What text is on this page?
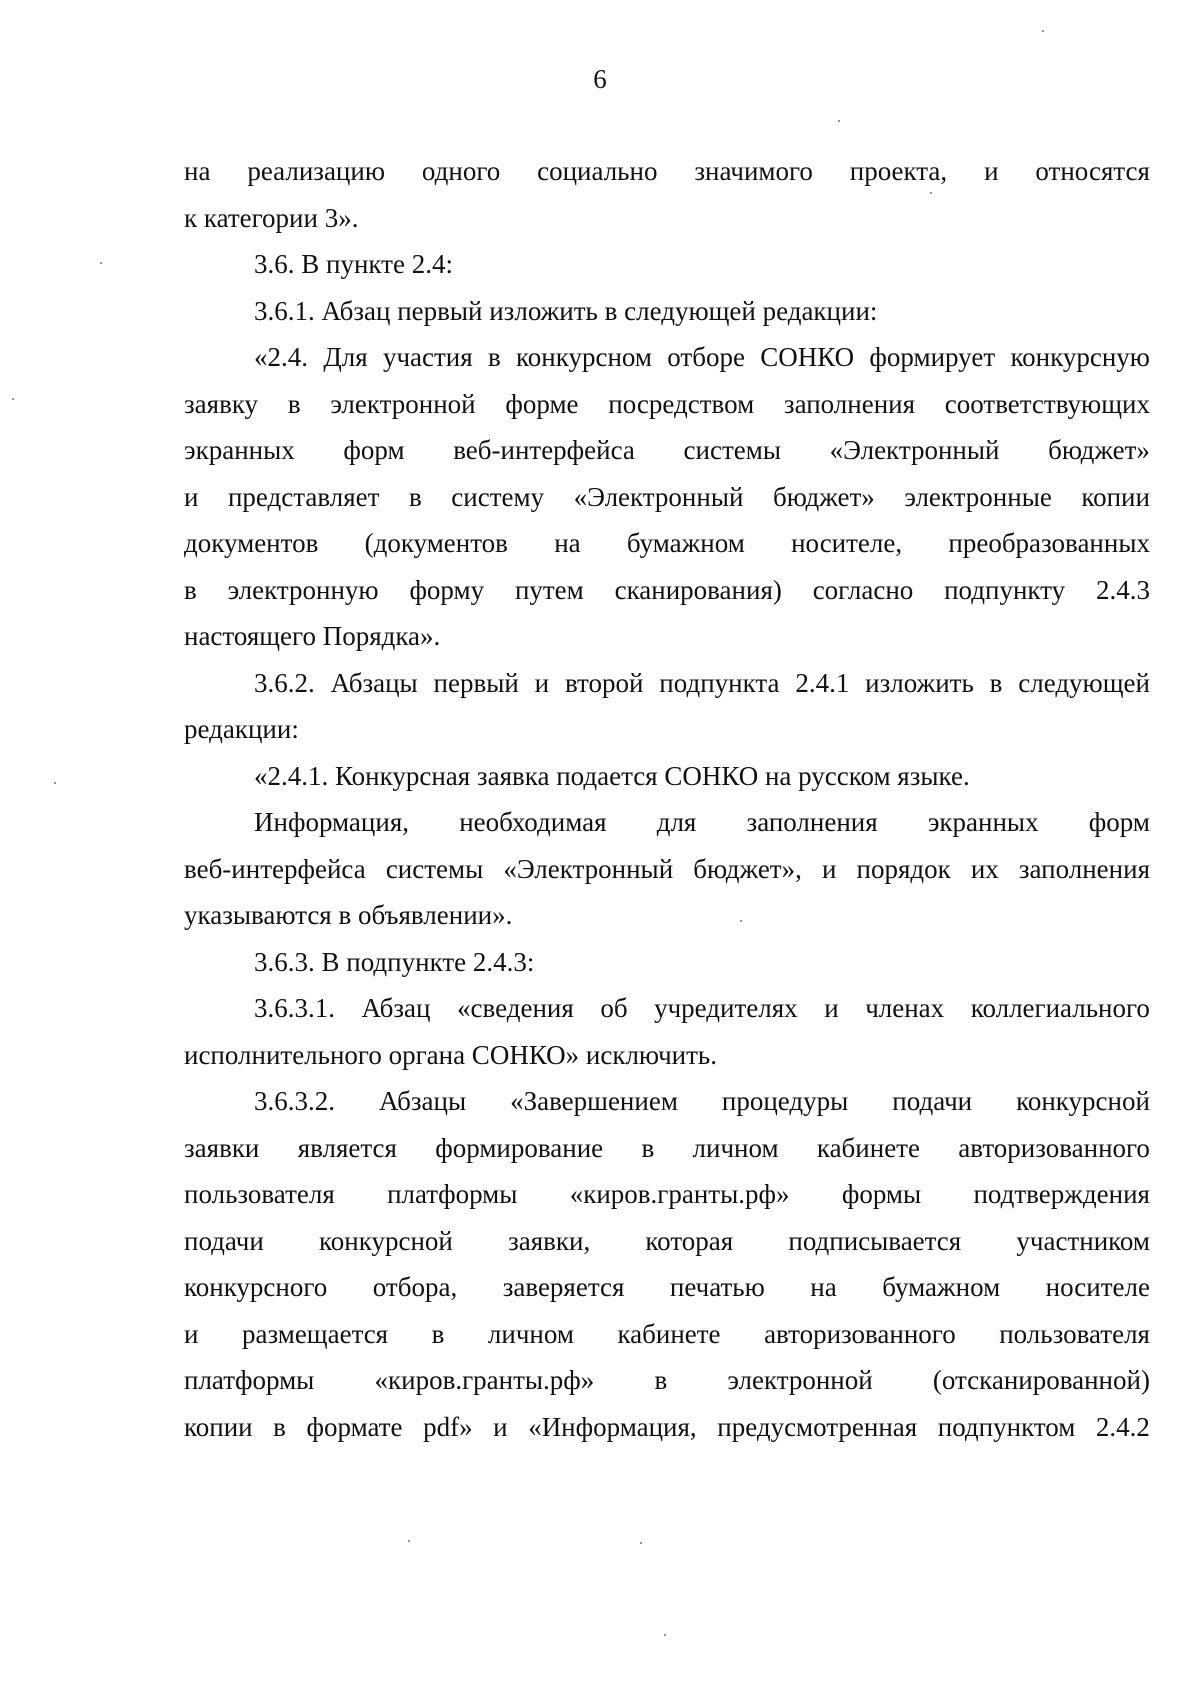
6
на реализацию одного социально значимого проекта, и относятся
к категории 3».
3.6. В пункте 2.4:
3.6.1. Абзац первый изложить в следующей редакции:
«2.4. Для участия в конкурсном отборе СОНКО формирует конкурсную
заявку в электронной форме посредством заполнения соответствующих
экранных форм веб-интерфейса системы «Электронный бюджет»
и представляет в систему «Электронный бюджет» электронные копии
документов (документов на бумажном носителе, преобразованных
в электронную форму путем сканирования) согласно подпункту 2.4.3
настоящего Порядка».
3.6.2. Абзацы первый и второй подпункта 2.4.1 изложить в следующей
редакции:
«2.4.1. Конкурсная заявка подается СОНКО на русском языке.
Информация, необходимая для заполнения экранных форм
веб-интерфейса системы «Электронный бюджет», и порядок их заполнения
указываются в объявлении».
3.6.3. В подпункте 2.4.3:
3.6.3.1. Абзац «сведения об учредителях и членах коллегиального
исполнительного органа СОНКО» исключить.
3.6.3.2. Абзацы «Завершением процедуры подачи конкурсной
заявки является формирование в личном кабинете авторизованного
пользователя платформы «киров.гранты.рф» формы подтверждения
подачи конкурсной заявки, которая подписывается участником
конкурсного отбора, заверяется печатью на бумажном носителе
и размещается в личном кабинете авторизованного пользователя
платформы «киров.гранты.рф» в электронной (отсканированной)
копии в формате pdf» и «Информация, предусмотренная подпунктом 2.4.2
